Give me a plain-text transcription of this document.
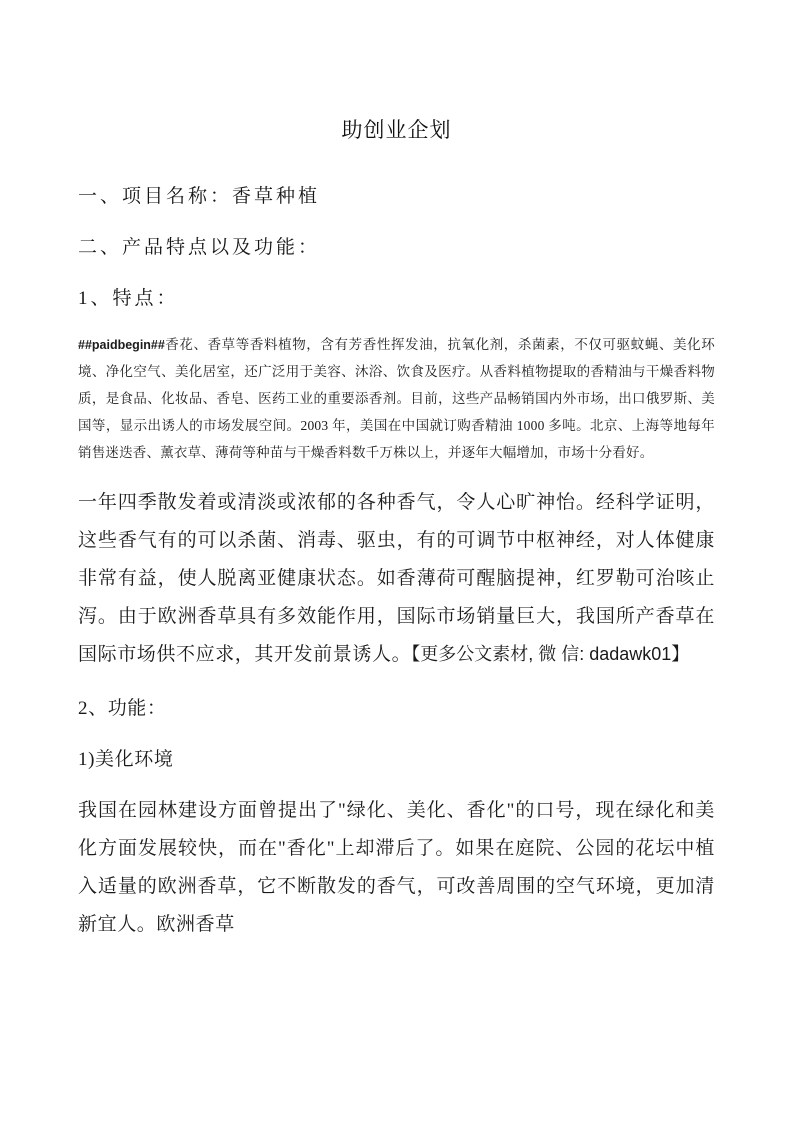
助创业企划

一、项目名称：香草种植

二、产品特点以及功能：

1、特点：

##paidbegin##香花、香草等香料植物，含有芳香性挥发油，抗氧化剂，杀菌素，不仅可驱蚊蝇、美化环境、净化空气、美化居室，还广泛用于美容、沐浴、饮食及医疗。从香料植物提取的香精油与干燥香料物质，是食品、化妆品、香皂、医药工业的重要添香剂。目前，这些产品畅销国内外市场，出口俄罗斯、美国等，显示出诱人的市场发展空间。2003 年，美国在中国就订购香精油 1000 多吨。北京、上海等地每年销售迷迭香、薰衣草、薄荷等种苗与干燥香料数千万株以上，并逐年大幅增加，市场十分看好。

一年四季散发着或清淡或浓郁的各种香气，令人心旷神怡。经科学证明，这些香气有的可以杀菌、消毒、驱虫，有的可调节中枢神经，对人体健康非常有益，使人脱离亚健康状态。如香薄荷可醒脑提神，红罗勒可治咳止泻。由于欧洲香草具有多效能作用，国际市场销量巨大，我国所产香草在国际市场供不应求，其开发前景诱人。【更多公文素材, 微 信: dadawk01】

2、功能：

1)美化环境

我国在园林建设方面曾提出了"绿化、美化、香化"的口号，现在绿化和美化方面发展较快，而在"香化"上却滞后了。如果在庭院、公园的花坛中植入适量的欧洲香草，它不断散发的香气，可改善周围的空气环境，更加清新宜人。欧洲香草
